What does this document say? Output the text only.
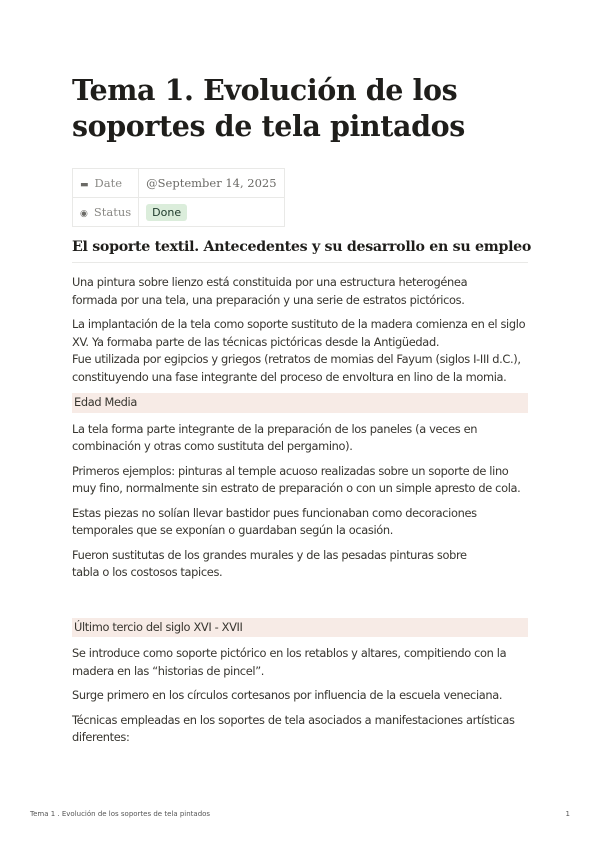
Tema 1. Evolución de los soportes de tela pintados
▬ Date	@September 14, 2025
◉ Status	Done
El soporte textil. Antecedentes y su desarrollo en su empleo

Una pintura sobre lienzo está constituida por una estructura heterogénea
formada por una tela, una preparación y una serie de estratos pictóricos.

La implantación de la tela como soporte sustituto de la madera comienza en el siglo
XV. Ya formaba parte de las técnicas pictóricas desde la Antigüedad.
Fue utilizada por egipcios y griegos (retratos de momias del Fayum (siglos I-III d.C.),
constituyendo una fase integrante del proceso de envoltura en lino de la momia.

Edad Media

La tela forma parte integrante de la preparación de los paneles (a veces en
combinación y otras como sustituta del pergamino).

Primeros ejemplos: pinturas al temple acuoso realizadas sobre un soporte de lino
muy fino, normalmente sin estrato de preparación o con un simple apresto de cola.

Estas piezas no solían llevar bastidor pues funcionaban como decoraciones
temporales que se exponían o guardaban según la ocasión.

Fueron sustitutas de los grandes murales y de las pesadas pinturas sobre
tabla o los costosos tapices.

Último tercio del siglo XVI - XVII

Se introduce como soporte pictórico en los retablos y altares, compitiendo con la
madera en las “historias de pincel”.

Surge primero en los círculos cortesanos por influencia de la escuela veneciana.

Técnicas empleadas en los soportes de tela asociados a manifestaciones artísticas
diferentes:

Tema 1 . Evolución de los soportes de tela pintados	1
